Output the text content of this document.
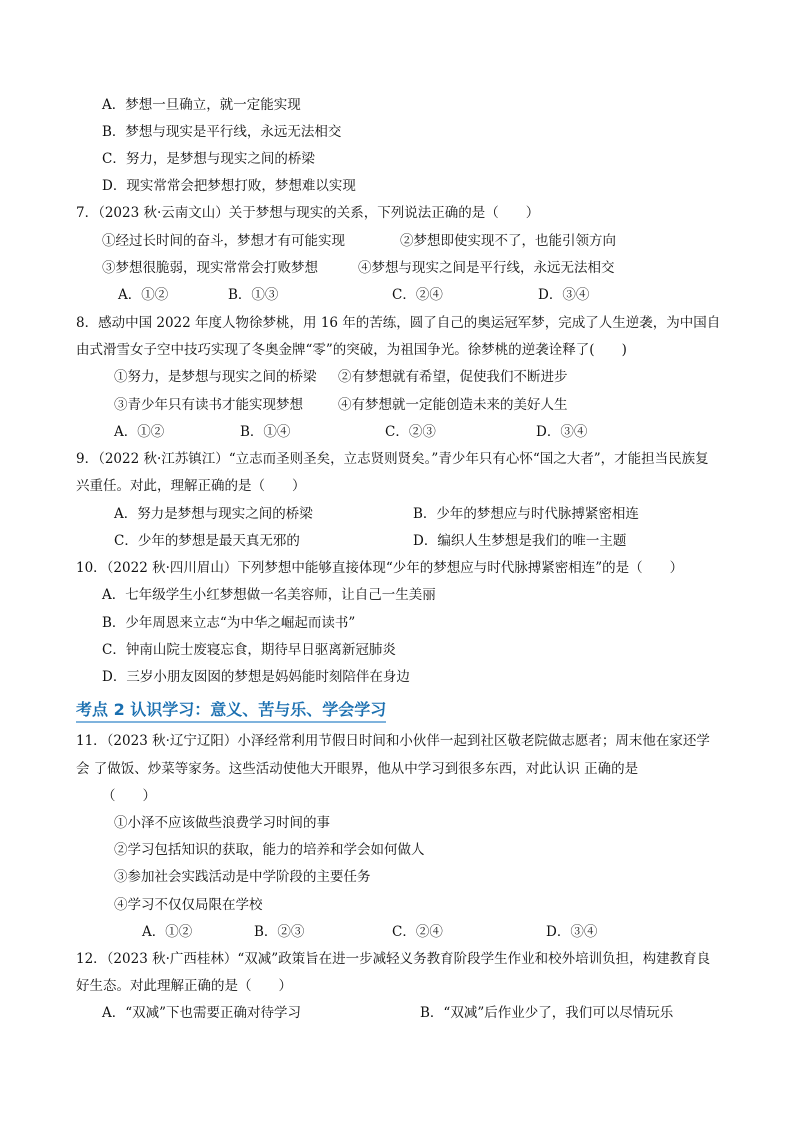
A．梦想一旦确立，就一定能实现
B．梦想与现实是平行线，永远无法相交
C．努力，是梦想与现实之间的桥梁
D．现实常常会把梦想打败，梦想难以实现
7．（2023 秋·云南文山）关于梦想与现实的关系，下列说法正确的是（　　）
①经过长时间的奋斗，梦想才有可能实现	②梦想即使实现不了，也能引领方向
③梦想很脆弱，现实常常会打败梦想	④梦想与现实之间是平行线，永远无法相交
A．①②	B．①③	C．②④	D．③④
8．感动中国 2022 年度人物徐梦桃，用 16 年的苦练，圆了自己的奥运冠军梦，完成了人生逆袭，为中国自
由式滑雪女子空中技巧实现了冬奥金牌“零”的突破，为祖国争光。徐梦桃的逆袭诠释了(　　)
①努力，是梦想与现实之间的桥梁 ②有梦想就有希望，促使我们不断进步
③青少年只有读书才能实现梦想	④有梦想就一定能创造未来的美好人生
A．①②	B．①④	C．②③	D．③④
9．（2022 秋·江苏镇江）“立志而圣则圣矣，立志贤则贤矣。”青少年只有心怀“国之大者”，才能担当民族复
兴重任。对此，理解正确的是（　　）
A．努力是梦想与现实之间的桥梁	B．少年的梦想应与时代脉搏紧密相连
C．少年的梦想是最天真无邪的	D．编织人生梦想是我们的唯一主题
10．（2022 秋·四川眉山）下列梦想中能够直接体现“少年的梦想应与时代脉搏紧密相连”的是（　　）
A．七年级学生小红梦想做一名美容师，让自己一生美丽
B．少年周恩来立志“为中华之崛起而读书”
C．钟南山院士废寝忘食，期待早日驱离新冠肺炎
D．三岁小朋友囡囡的梦想是妈妈能时刻陪伴在身边
考点 2 认识学习：意义、苦与乐、学会学习
11．（2023 秋·辽宁辽阳）小泽经常利用节假日时间和小伙伴一起到社区敬老院做志愿者；周末他在家还学
会 了做饭、炒菜等家务。这些活动使他大开眼界，他从中学习到很多东西，对此认识 正确的是
（　　）
①小泽不应该做些浪费学习时间的事
②学习包括知识的获取，能力的培养和学会如何做人
③参加社会实践活动是中学阶段的主要任务
④学习不仅仅局限在学校
A．①②	B．②③	C．②④	D．③④
12．（2023 秋·广西桂林）“双减”政策旨在进一步减轻义务教育阶段学生作业和校外培训负担，构建教育良
好生态。对此理解正确的是（　　）
A．“双减”下也需要正确对待学习	B．“双减”后作业少了，我们可以尽情玩乐
